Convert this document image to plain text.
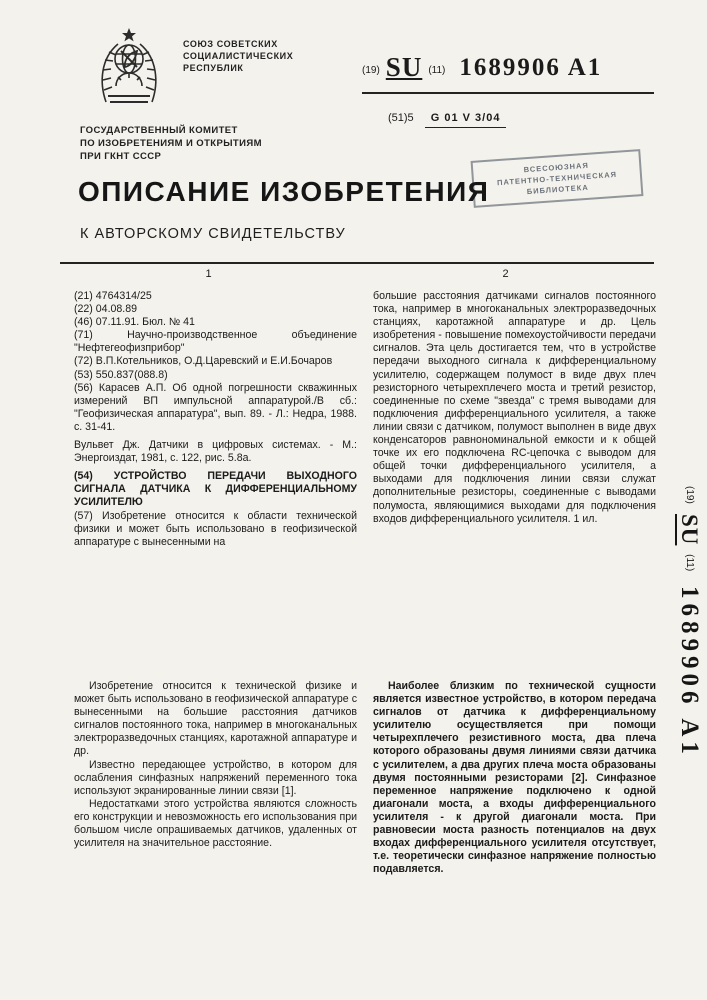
СОЮЗ СОВЕТСКИХ
СОЦИАЛИСТИЧЕСКИХ
РЕСПУБЛИК	(19) SU (11) 1689906 A1
(51)5 G 01 V 3/04
ГОСУДАРСТВЕННЫЙ КОМИТЕТ
ПО ИЗОБРЕТЕНИЯМ И ОТКРЫТИЯМ
ПРИ ГКНТ СССР
ВСЕСОЮЗНАЯ
ПАТЕНТНО-ТЕХНИЧЕСКАЯ
БИБЛИОТЕКА
ОПИСАНИЕ ИЗОБРЕТЕНИЯ
К АВТОРСКОМУ СВИДЕТЕЛЬСТВУ
1	2

(21) 4764314/25

(22) 04.08.89

(46) 07.11.91. Бюл. № 41

(71) Научно-производственное объединение "Нефтегеофизприбор"

(72) В.П.Котельников, О.Д.Царевский и Е.И.Бочаров

(53) 550.837(088.8)

(56) Карасев А.П. Об одной погрешности скважинных измерений ВП импульсной аппаратурой./В сб.: "Геофизическая аппаратура", вып. 89. - Л.: Недра, 1988. с. 31-41.

Вульвет Дж. Датчики в цифровых системах. - М.: Энергоиздат, 1981, с. 122, рис. 5.8а.

(54) УСТРОЙСТВО ПЕРЕДАЧИ ВЫХОДНОГО СИГНАЛА ДАТЧИКА К ДИФФЕРЕНЦИАЛЬНОМУ УСИЛИТЕЛЮ

(57) Изобретение относится к области технической физики и может быть использовано в геофизической аппаратуре с вынесенными на

большие расстояния датчиками сигналов постоянного тока, например в многоканальных электроразведочных станциях, каротажной аппаратуре и др. Цель изобретения - повышение помехоустойчивости передачи сигналов. Эта цель достигается тем, что в устройстве передачи выходного сигнала к дифференциальному усилителю, содержащем полумост в виде двух плеч резисторного четырехплечего моста и третий резистор, соединенные по схеме "звезда" с тремя выводами для подключения дифференциального усилителя, а также линии связи с датчиком, полумост выполнен в виде двух конденсаторов равнономинальной емкости и к общей точке их его подключена RC-цепочка с выводом для общей точки дифференциального усилителя, а выходами для подключения линии связи служат дополнительные резисторы, соединенные с выводами полумоста, являющимися выходами для подключения входов дифференциального усилителя. 1 ил.

Изобретение относится к технической физике и может быть использовано в геофизической аппаратуре с вынесенными на большие расстояния датчиков сигналов постоянного тока, например в многоканальных электроразведочных станциях, каротажной аппаратуре и др.

Известно передающее устройство, в котором для ослабления синфазных напряжений переменного тока используют экранированные линии связи [1].

Недостатками этого устройства являются сложность его конструкции и невозможность его использования при большом числе опрашиваемых датчиков, удаленных от усилителя на значительное расстояние.

Наиболее близким по технической сущности является известное устройство, в котором передача сигналов от датчика к дифференциальному усилителю осуществляется при помощи четырехплечего резистивного моста, два плеча которого образованы двумя линиями связи датчика с усилителем, а два других плеча моста образованы двумя постоянными резисторами [2]. Синфазное переменное напряжение подключено к одной диагонали моста, а входы дифференциального усилителя - к другой диагонали моста. При равновесии моста разность потенциалов на двух входах дифференциального усилителя отсутствует, т.е. теоретически синфазное напряжение полностью подавляется.

(19) SU (11) 1689906 A1
